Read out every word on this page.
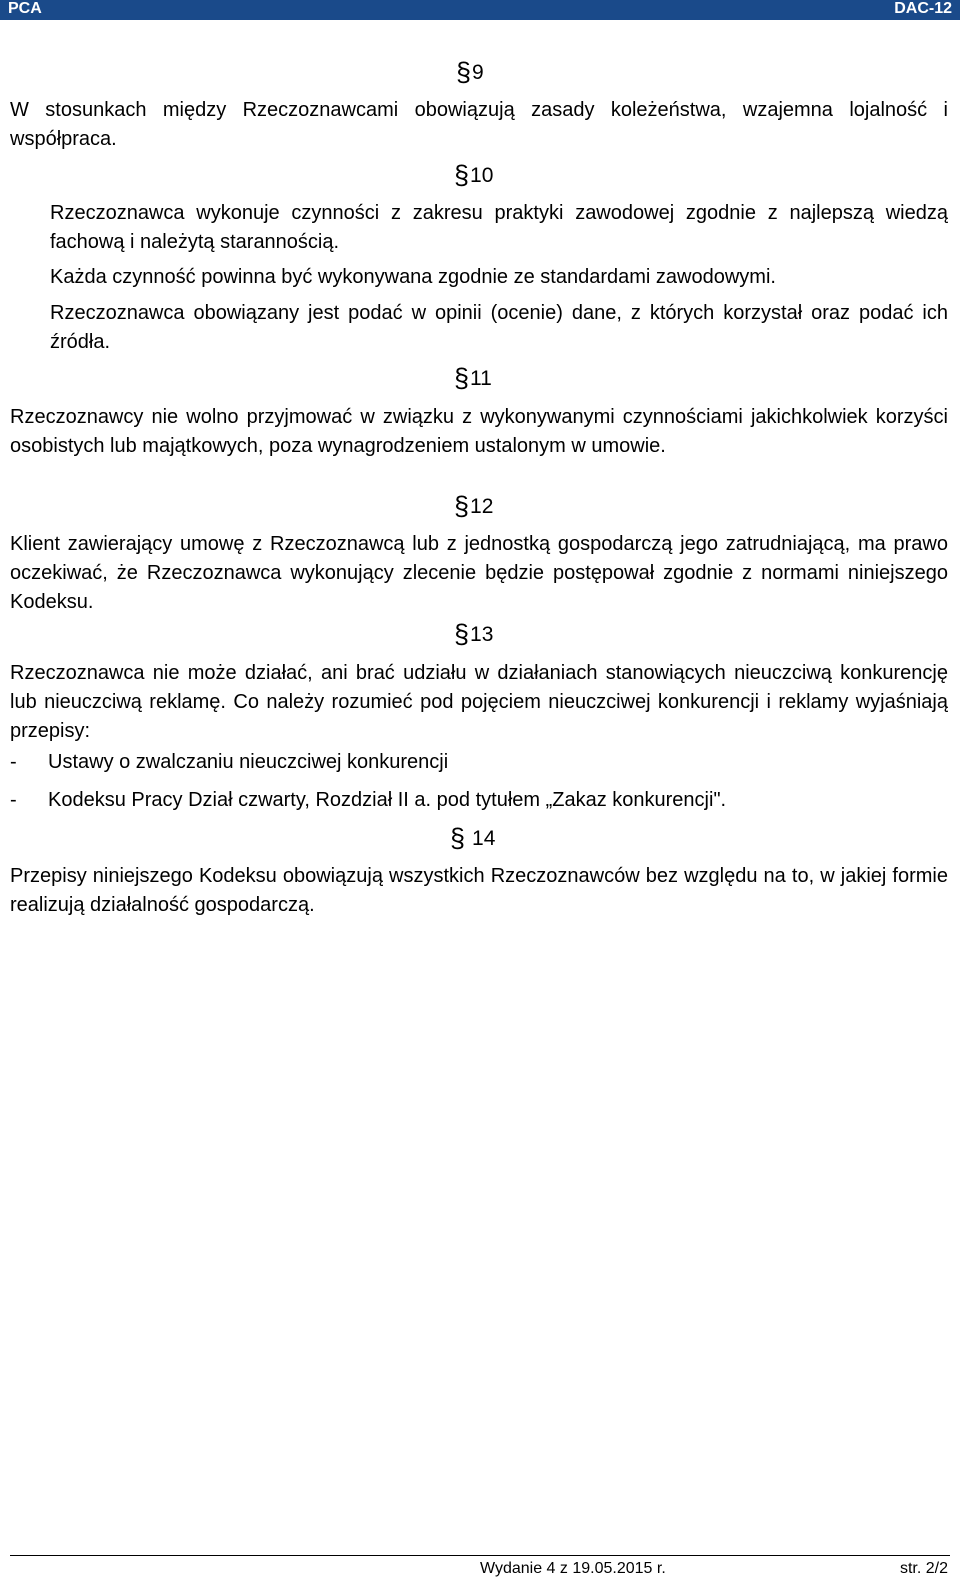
PCA	DAC-12
§9
W stosunkach między Rzeczoznawcami obowiązują zasady koleżeństwa, wzajemna lojalność i współpraca.
§10
Rzeczoznawca wykonuje czynności z zakresu praktyki zawodowej zgodnie z najlepszą wiedzą fachową i należytą starannością.
Każda czynność powinna być wykonywana zgodnie ze standardami zawodowymi.
Rzeczoznawca obowiązany jest podać w opinii (ocenie) dane, z których korzystał oraz podać ich źródła.
§11
Rzeczoznawcy nie wolno przyjmować w związku z wykonywanymi czynnościami jakichkolwiek korzyści osobistych lub majątkowych, poza wynagrodzeniem ustalonym w umowie.
§12
Klient zawierający umowę z Rzeczoznawcą lub z jednostką gospodarczą jego zatrudniającą, ma prawo oczekiwać, że Rzeczoznawca wykonujący zlecenie będzie postępował zgodnie z normami niniejszego Kodeksu.
§13
Rzeczoznawca nie może działać, ani brać udziału w działaniach stanowiących nieuczciwą konkurencję lub nieuczciwą reklamę. Co należy rozumieć pod pojęciem nieuczciwej konkurencji i reklamy wyjaśniają przepisy:
- Ustawy o zwalczaniu nieuczciwej konkurencji
- Kodeksu Pracy Dział czwarty, Rozdział II a. pod tytułem „Zakaz konkurencji".
§ 14
Przepisy niniejszego Kodeksu obowiązują wszystkich Rzeczoznawców bez względu na to, w jakiej formie realizują działalność gospodarczą.
Wydanie 4 z 19.05.2015 r.	str. 2/2
